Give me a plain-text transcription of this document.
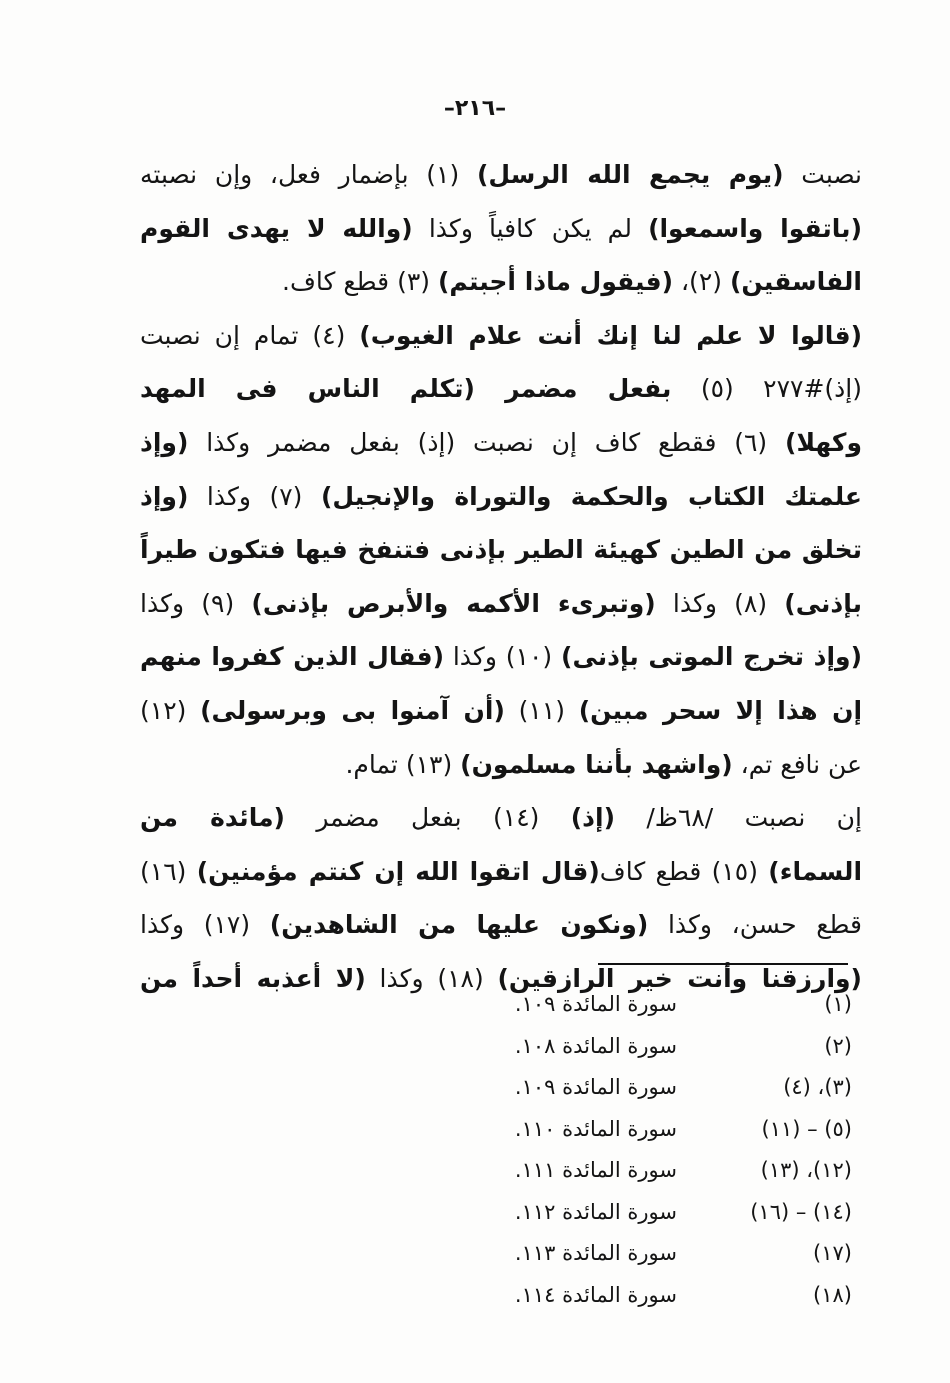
–٢١٦–
نصبت (يوم يجمع الله الرسل) (١) بإضمار فعل، وإن نصبته
(باتقوا واسمعوا) لم يكن كافياً وكذا (والله لا يهدى القوم
الفاسقين) (٢)، (فيقول ماذا أجبتم) (٣) قطع كاف.
(قالوا لا علم لنا إنك أنت علام الغيوب) (٤) تمام إن نصبت
(إذ)#٢٧٧ (٥) بفعل مضمر (تكلم الناس فى المهد
وكهلا) (٦) فقطع كاف إن نصبت (إذ) بفعل مضمر وكذا (وإذ
علمتك الكتاب والحكمة والتوراة والإنجيل) (٧) وكذا (وإذ
تخلق من الطين كهيئة الطير بإذنى فتنفخ فيها فتكون طيراً
بإذنى) (٨) وكذا (وتبرىء الأكمه والأبرص بإذنى) (٩) وكذا
(وإذ تخرج الموتى بإذنى) (١٠) وكذا (فقال الذين كفروا منهم
إن هذا إلا سحر مبين) (١١) (أن آمنوا بى وبرسولى) (١٢)
عن نافع تم، (واشهد بأننا مسلمون) (١٣) تمام.
إن نصبت /٦٨ظ/ (إذ) (١٤) بفعل مضمر (مائدة من
السماء) (١٥) قطع كاف(قال اتقوا الله إن كنتم مؤمنين) (١٦)
قطع حسن، وكذا (ونكون عليها من الشاهدين) (١٧) وكذا
(وارزقنا وأنت خير الرازقين) (١٨) وكذا (لا أعذبه أحداً من
(١)
سورة المائدة ١٠٩.
(٢)
سورة المائدة ١٠٨.
(٣)، (٤)
سورة المائدة ١٠٩.
(٥) – (١١)
سورة المائدة ١١٠.
(١٢)، (١٣)
سورة المائدة ١١١.
(١٤) – (١٦)
سورة المائدة ١١٢.
(١٧)
سورة المائدة ١١٣.
(١٨)
سورة المائدة ١١٤.
